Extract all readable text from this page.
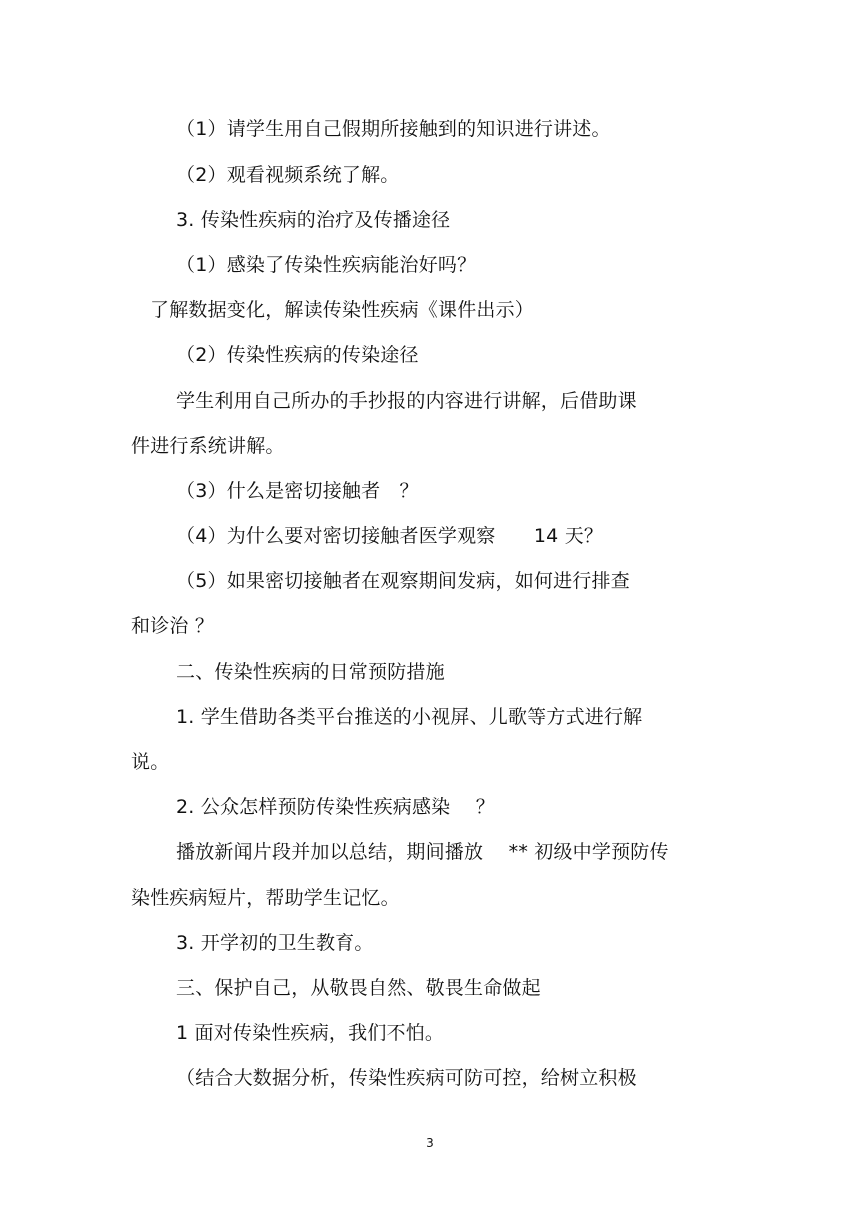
（1）请学生用自己假期所接触到的知识进行讲述。
（2）观看视频系统了解。
3. 传染性疾病的治疗及传播途径
（1）感染了传染性疾病能治好吗？
了解数据变化，解读传染性疾病《课件出示）
（2）传染性疾病的传染途径
学生利用自己所办的手抄报的内容进行讲解，后借助课
件进行系统讲解。
（3）什么是密切接触者　？
（4）为什么要对密切接触者医学观察　　14 天？
（5）如果密切接触者在观察期间发病，如何进行排查
和诊治 ？
二、传染性疾病的日常预防措施
1. 学生借助各类平台推送的小视屏、儿歌等方式进行解
说。
2. 公众怎样预防传染性疾病感染　 ？
播放新闻片段并加以总结，期间播放　 ** 初级中学预防传
染性疾病短片，帮助学生记忆。
3. 开学初的卫生教育。
三、保护自己，从敬畏自然、敬畏生命做起
1 面对传染性疾病，我们不怕。
（结合大数据分析，传染性疾病可防可控，给树立积极
3
